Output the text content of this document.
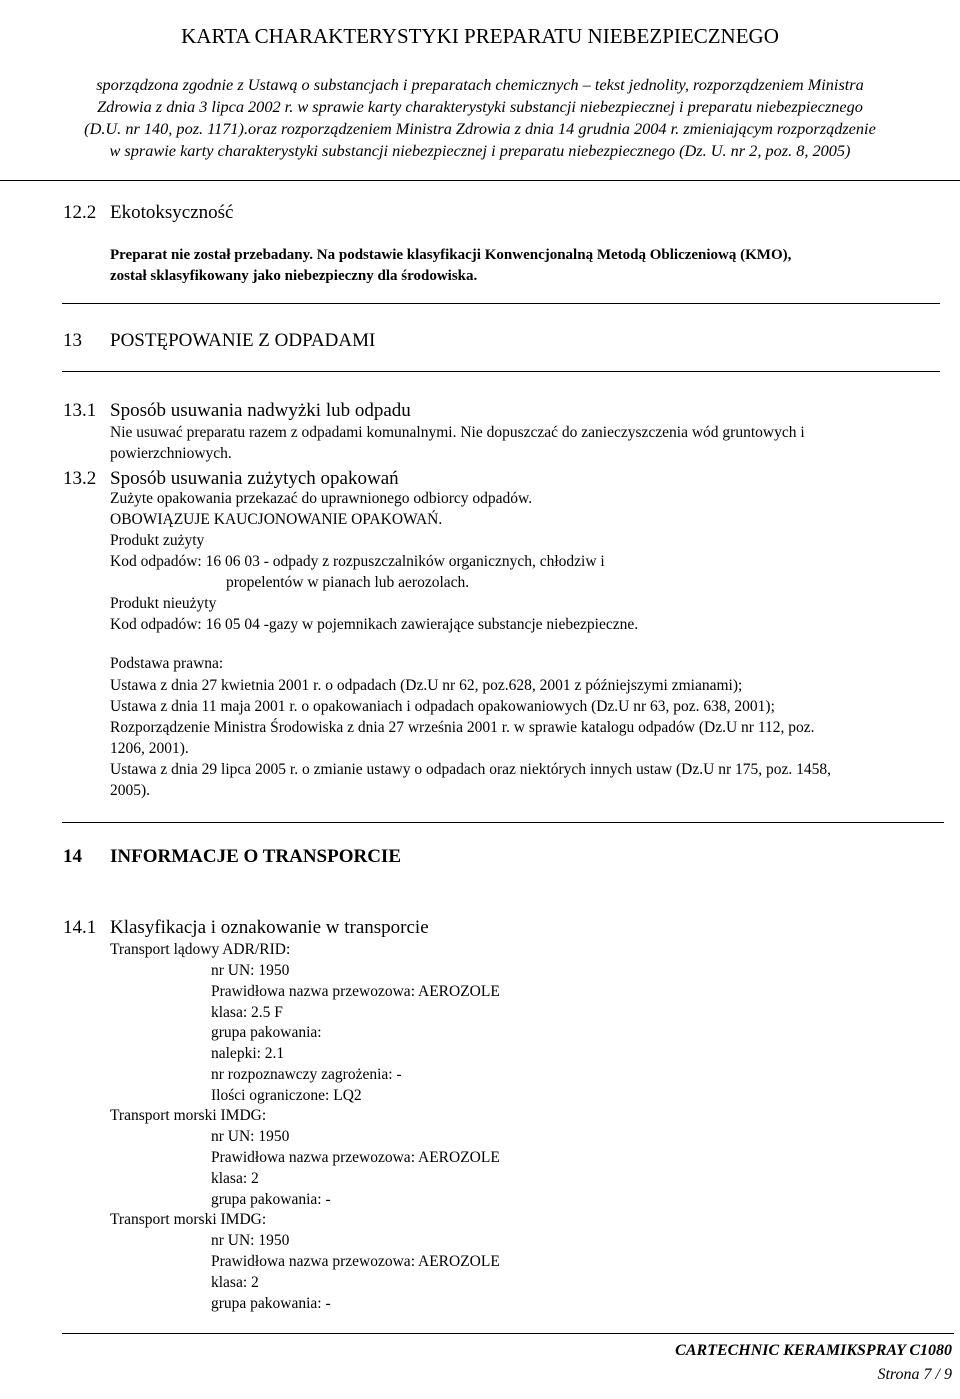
KARTA CHARAKTERYSTYKI PREPARATU NIEBEZPIECZNEGO
sporządzona zgodnie z Ustawą o substancjach i preparatach chemicznych – tekst jednolity, rozporządzeniem Ministra
Zdrowia z dnia 3 lipca 2002 r. w sprawie karty charakterystyki substancji niebezpiecznej i preparatu niebezpiecznego
(D.U. nr 140, poz. 1171).oraz rozporządzeniem Ministra Zdrowia z dnia 14 grudnia 2004 r. zmieniającym rozporządzenie
w sprawie karty charakterystyki substancji niebezpiecznej i preparatu niebezpiecznego (Dz. U. nr 2, poz. 8, 2005)
12.2 Ekotoksyczność
Preparat nie został przebadany. Na podstawie klasyfikacji Konwencjonalną Metodą Obliczeniową (KMO),
został sklasyfikowany jako niebezpieczny dla środowiska.
13 POSTĘPOWANIE Z ODPADAMI
13.1 Sposób usuwania nadwyżki lub odpadu
Nie usuwać preparatu razem z odpadami komunalnymi. Nie dopuszczać do zanieczyszczenia wód gruntowych i
powierzchniowych.
13.2 Sposób usuwania zużytych opakowań
Zużyte opakowania przekazać do uprawnionego odbiorcy odpadów.
OBOWIĄZUJE KAUCJONOWANIE OPAKOWAŃ.
Produkt zużyty
Kod odpadów: 16 06 03 - odpady z rozpuszczalników organicznych, chłodziw i
propelentów w pianach lub aerozolach.
Produkt nieużyty
Kod odpadów: 16 05 04 -gazy w pojemnikach zawierające substancje niebezpieczne.
Podstawa prawna:
Ustawa z dnia 27 kwietnia 2001 r. o odpadach (Dz.U nr 62, poz.628, 2001 z późniejszymi zmianami);
Ustawa z dnia 11 maja 2001 r. o opakowaniach i odpadach opakowaniowych (Dz.U nr 63, poz. 638, 2001);
Rozporządzenie Ministra Środowiska z dnia 27 września 2001 r. w sprawie katalogu odpadów (Dz.U nr 112, poz.
1206, 2001).
Ustawa z dnia 29 lipca 2005 r. o zmianie ustawy o odpadach oraz niektórych innych ustaw (Dz.U nr 175, poz. 1458,
2005).
14 INFORMACJE O TRANSPORCIE
14.1 Klasyfikacja i oznakowanie w transporcie
Transport lądowy ADR/RID:
nr UN: 1950
Prawidłowa nazwa przewozowa: AEROZOLE
klasa: 2.5 F
grupa pakowania:
nalepki: 2.1
nr rozpoznawczy zagrożenia: -
Ilości ograniczone: LQ2
Transport morski IMDG:
nr UN: 1950
Prawidłowa nazwa przewozowa: AEROZOLE
klasa: 2
grupa pakowania: -
Transport morski IMDG:
nr UN: 1950
Prawidłowa nazwa przewozowa: AEROZOLE
klasa: 2
grupa pakowania: -
CARTECHNIC KERAMIKSPRAY C1080
Strona 7 / 9
